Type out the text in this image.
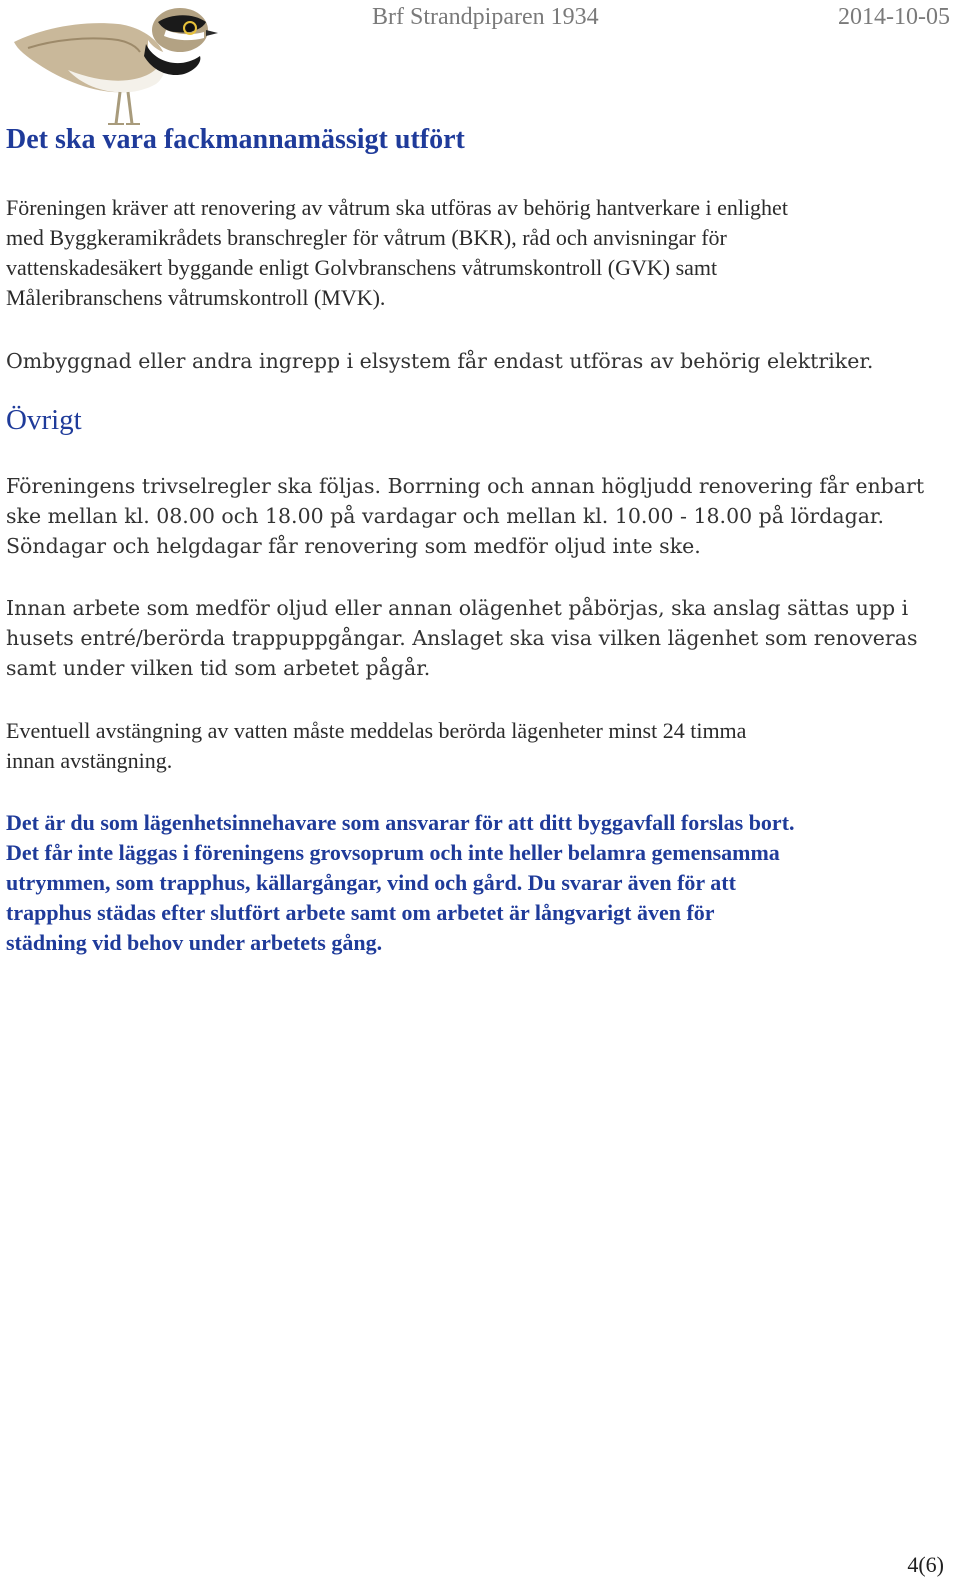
Brf Strandpiparen 1934	2014-10-05
Det ska vara fackmannamässigt utfört
Föreningen kräver att renovering av våtrum ska utföras av behörig hantverkare i enlighet
med Byggkeramikrådets branschregler för våtrum (BKR), råd och anvisningar för
vattenskadesäkert byggande enligt Golvbranschens våtrumskontroll (GVK) samt
Måleribranschens våtrumskontroll (MVK).
Ombyggnad eller andra ingrepp i elsystem får endast utföras av behörig elektriker.
Övrigt
Föreningens trivselregler ska följas. Borrning och annan högljudd renovering får enbart
ske mellan kl. 08.00 och 18.00 på vardagar och mellan kl. 10.00 - 18.00 på lördagar.
Söndagar och helgdagar får renovering som medför oljud inte ske.
Innan arbete som medför oljud eller annan olägenhet påbörjas, ska anslag sättas upp i
husets entré/berörda trappuppgångar. Anslaget ska visa vilken lägenhet som renoveras
samt under vilken tid som arbetet pågår.
Eventuell avstängning av vatten måste meddelas berörda lägenheter minst 24 timma
innan avstängning.
Det är du som lägenhetsinnehavare som ansvarar för att ditt byggavfall forslas bort.
Det får inte läggas i föreningens grovsoprum och inte heller belamra gemensamma
utrymmen, som trapphus, källargångar, vind och gård. Du svarar även för att
trapphus städas efter slutfört arbete samt om arbetet är långvarigt även för
städning vid behov under arbetets gång.
4(6)
